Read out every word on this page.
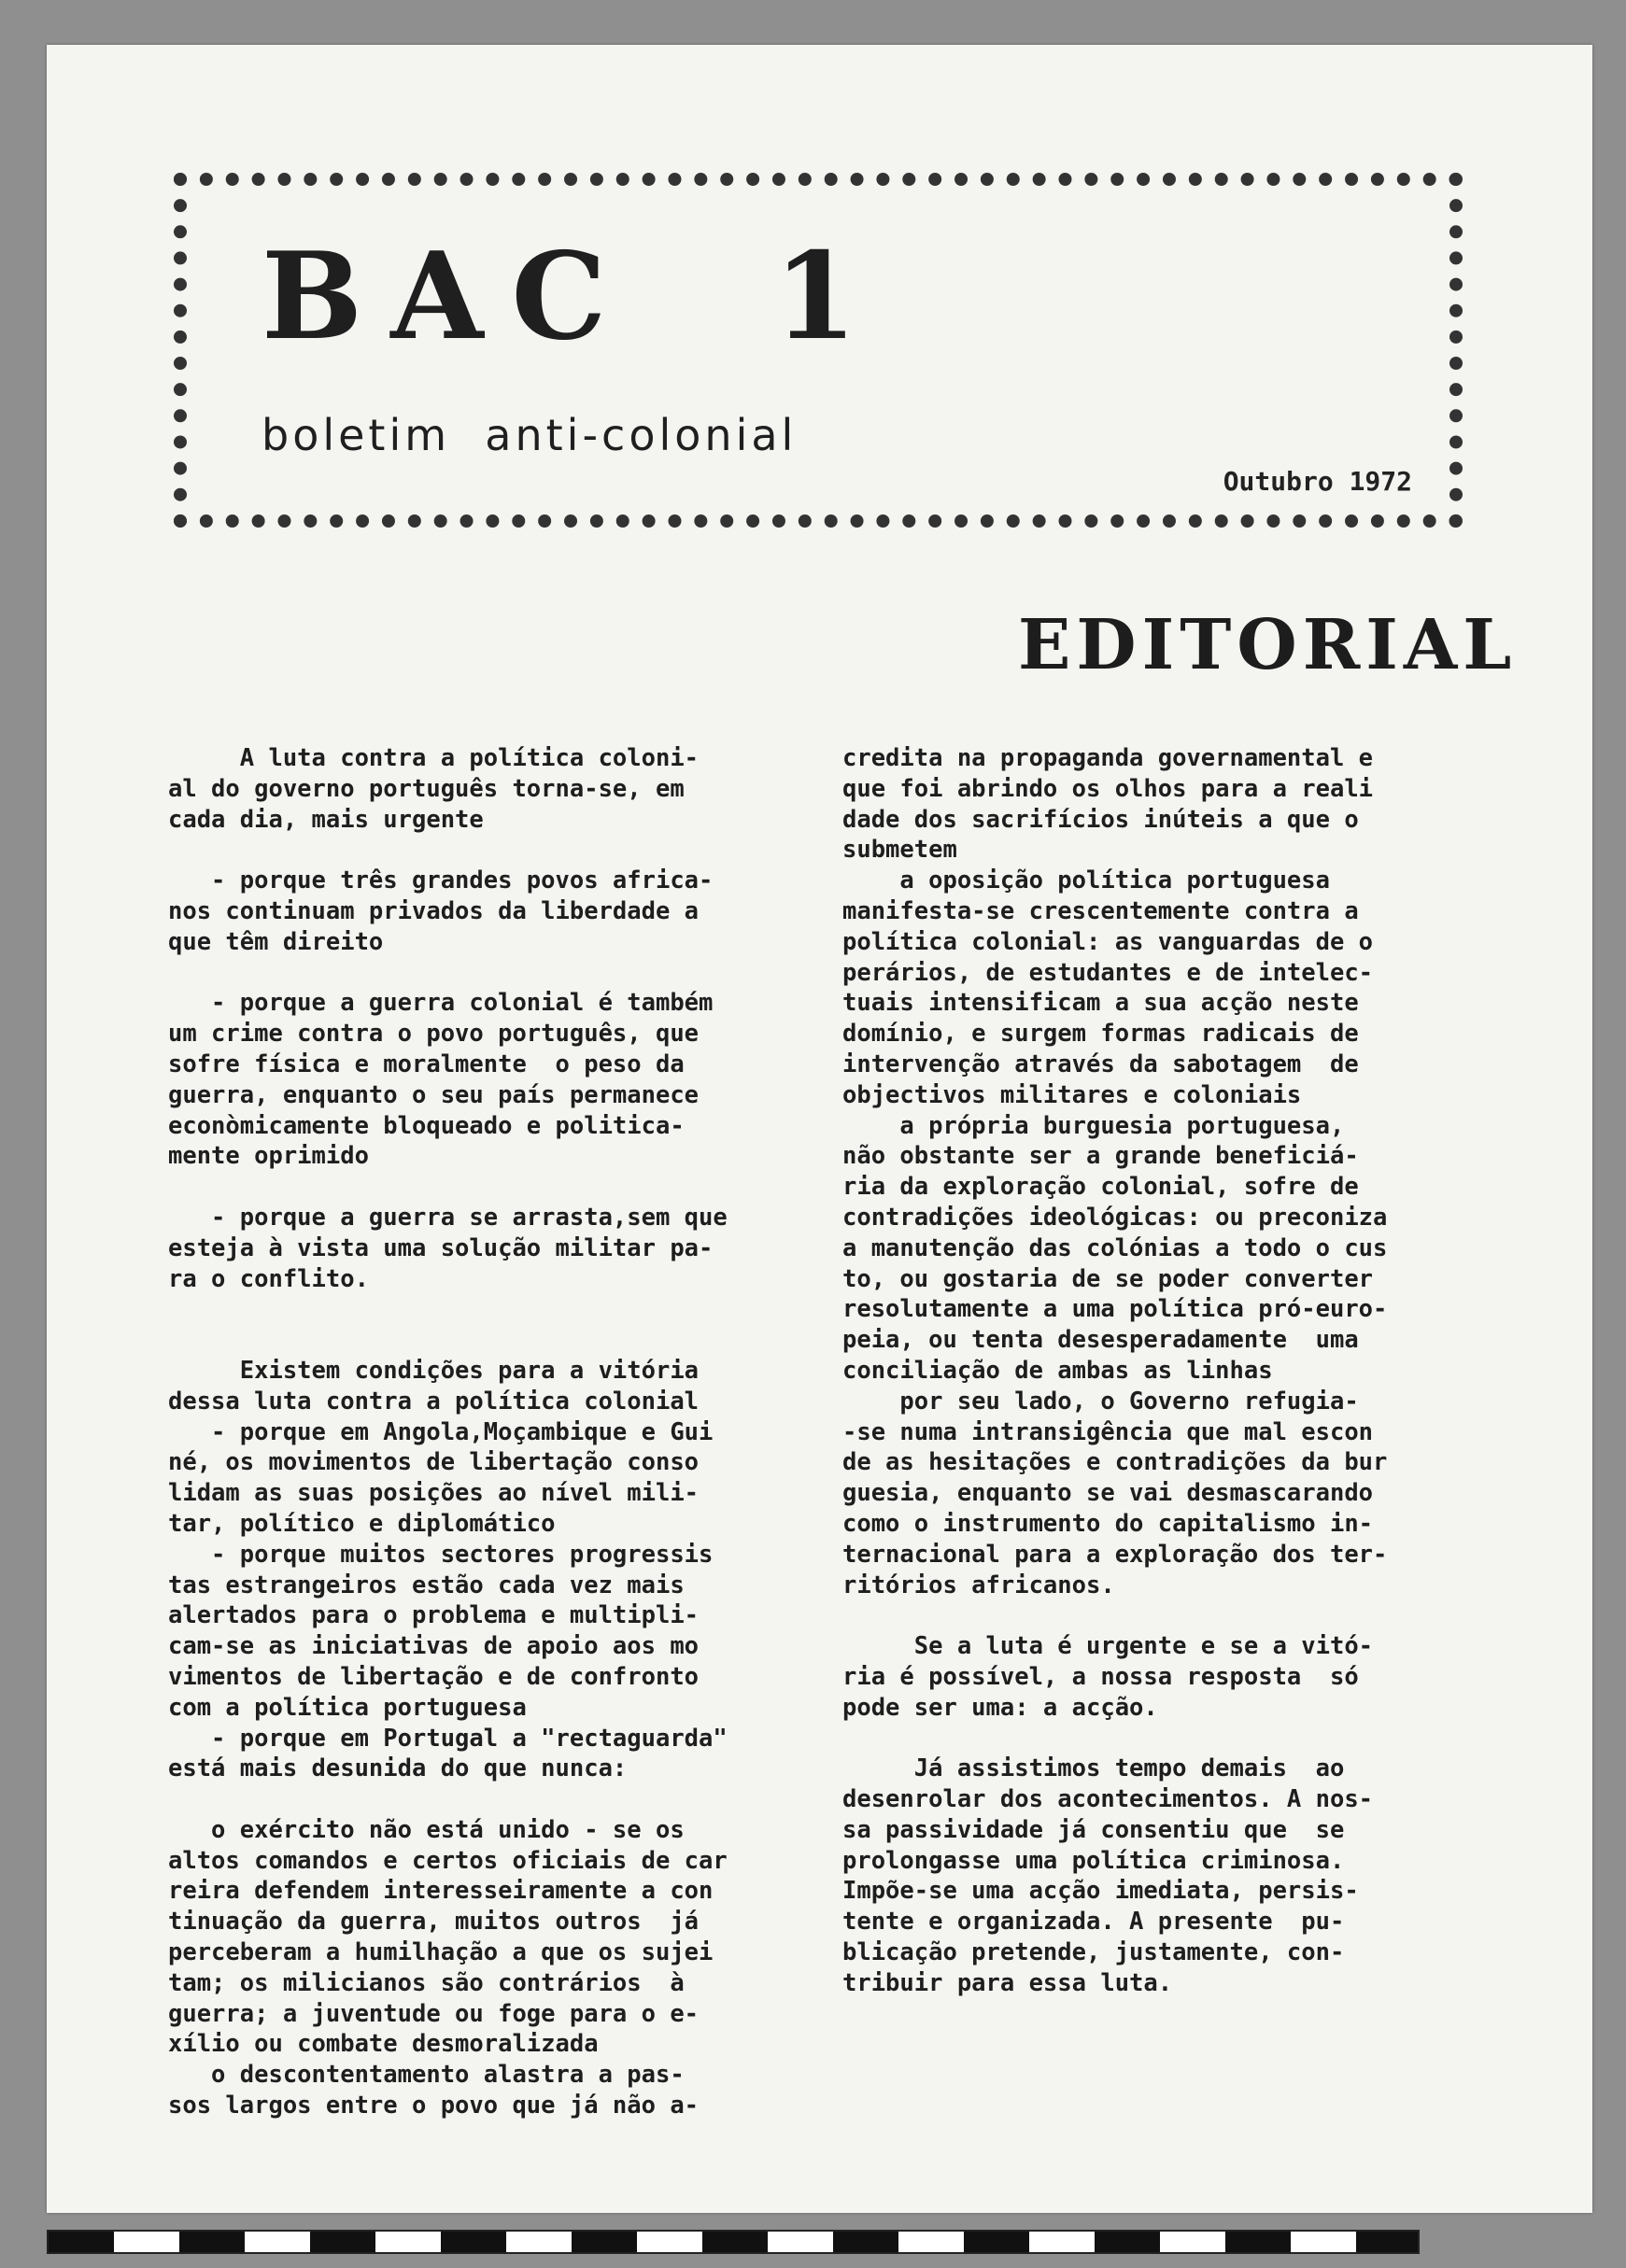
BAC  1
boletim  anti-colonial
Outubro 1972
EDITORIAL
A luta contra a política coloni-
al do governo português torna-se, em
cada dia, mais urgente
- porque três grandes povos africa-
nos continuam privados da liberdade a
que têm direito
- porque a guerra colonial é também
um crime contra o povo português, que
sofre física e moralmente  o peso da
guerra, enquanto o seu país permanece
econòmicamente bloqueado e politica-
mente oprimido
- porque a guerra se arrasta,sem que
esteja à vista uma solução militar pa-
ra o conflito.
Existem condições para a vitória
dessa luta contra a política colonial
- porque em Angola,Moçambique e Gui
né, os movimentos de libertação conso
lidam as suas posições ao nível mili-
tar, político e diplomático
- porque muitos sectores progressis
tas estrangeiros estão cada vez mais
alertados para o problema e multipli-
cam-se as iniciativas de apoio aos mo
vimentos de libertação e de confronto
com a política portuguesa
- porque em Portugal a "rectaguarda"
está mais desunida do que nunca:
o exército não está unido - se os
altos comandos e certos oficiais de car
reira defendem interesseiramente a con
tinuação da guerra, muitos outros  já
perceberam a humilhação a que os sujei
tam; os milicianos são contrários  à
guerra; a juventude ou foge para o e-
xílio ou combate desmoralizada
o descontentamento alastra a pas-
sos largos entre o povo que já não a-
credita na propaganda governamental e
que foi abrindo os olhos para a reali
dade dos sacrifícios inúteis a que o
submetem
a oposição política portuguesa
manifesta-se crescentemente contra a
política colonial: as vanguardas de o
perários, de estudantes e de intelec-
tuais intensificam a sua acção neste
domínio, e surgem formas radicais de
intervenção através da sabotagem  de
objectivos militares e coloniais
a própria burguesia portuguesa,
não obstante ser a grande beneficiá-
ria da exploração colonial, sofre de
contradições ideológicas: ou preconiza
a manutenção das colónias a todo o cus
to, ou gostaria de se poder converter
resolutamente a uma política pró-euro-
peia, ou tenta desesperadamente  uma
conciliação de ambas as linhas
por seu lado, o Governo refugia-
-se numa intransigência que mal escon
de as hesitações e contradições da bur
guesia, enquanto se vai desmascarando
como o instrumento do capitalismo in-
ternacional para a exploração dos ter-
ritórios africanos.
Se a luta é urgente e se a vitó-
ria é possível, a nossa resposta  só
pode ser uma: a acção.
Já assistimos tempo demais  ao
desenrolar dos acontecimentos. A nos-
sa passividade já consentiu que  se
prolongasse uma política criminosa.
Impõe-se uma acção imediata, persis-
tente e organizada. A presente  pu-
blicação pretende, justamente, con-
tribuir para essa luta.
